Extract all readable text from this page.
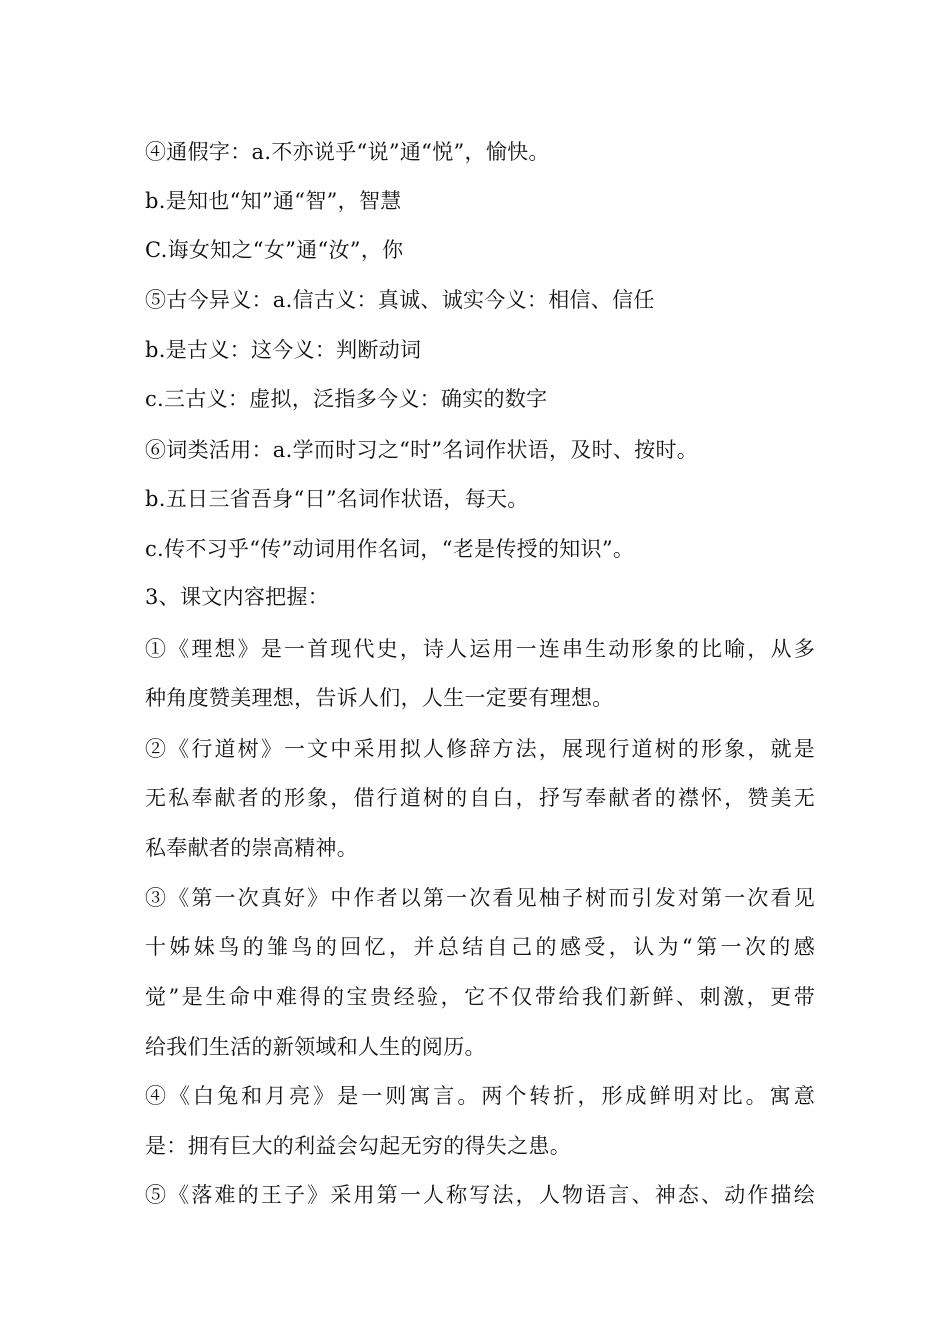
④通假字：a.不亦说乎“说”通“悦”，愉快。
b.是知也“知”通“智”，智慧
C.诲女知之“女”通“汝”，你
⑤古今异义：a.信古义：真诚、诚实今义：相信、信任
b.是古义：这今义：判断动词
c.三古义：虚拟，泛指多今义：确实的数字
⑥词类活用：a.学而时习之“时”名词作状语，及时、按时。
b.五日三省吾身“日”名词作状语，每天。
c.传不习乎“传”动词用作名词，“老是传授的知识”。
3、课文内容把握：
①《理想》是一首现代史，诗人运用一连串生动形象的比喻，从多
种角度赞美理想，告诉人们，人生一定要有理想。
②《行道树》一文中采用拟人修辞方法，展现行道树的形象，就是
无私奉献者的形象，借行道树的自白，抒写奉献者的襟怀，赞美无
私奉献者的崇高精神。
③《第一次真好》中作者以第一次看见柚子树而引发对第一次看见
十姊妹鸟的雏鸟的回忆，并总结自己的感受，认为“第一次的感
觉”是生命中难得的宝贵经验，它不仅带给我们新鲜、刺激，更带
给我们生活的新领域和人生的阅历。
④《白兔和月亮》是一则寓言。两个转折，形成鲜明对比。寓意
是：拥有巨大的利益会勾起无穷的得失之患。
⑤《落难的王子》采用第一人称写法，人物语言、神态、动作描绘
